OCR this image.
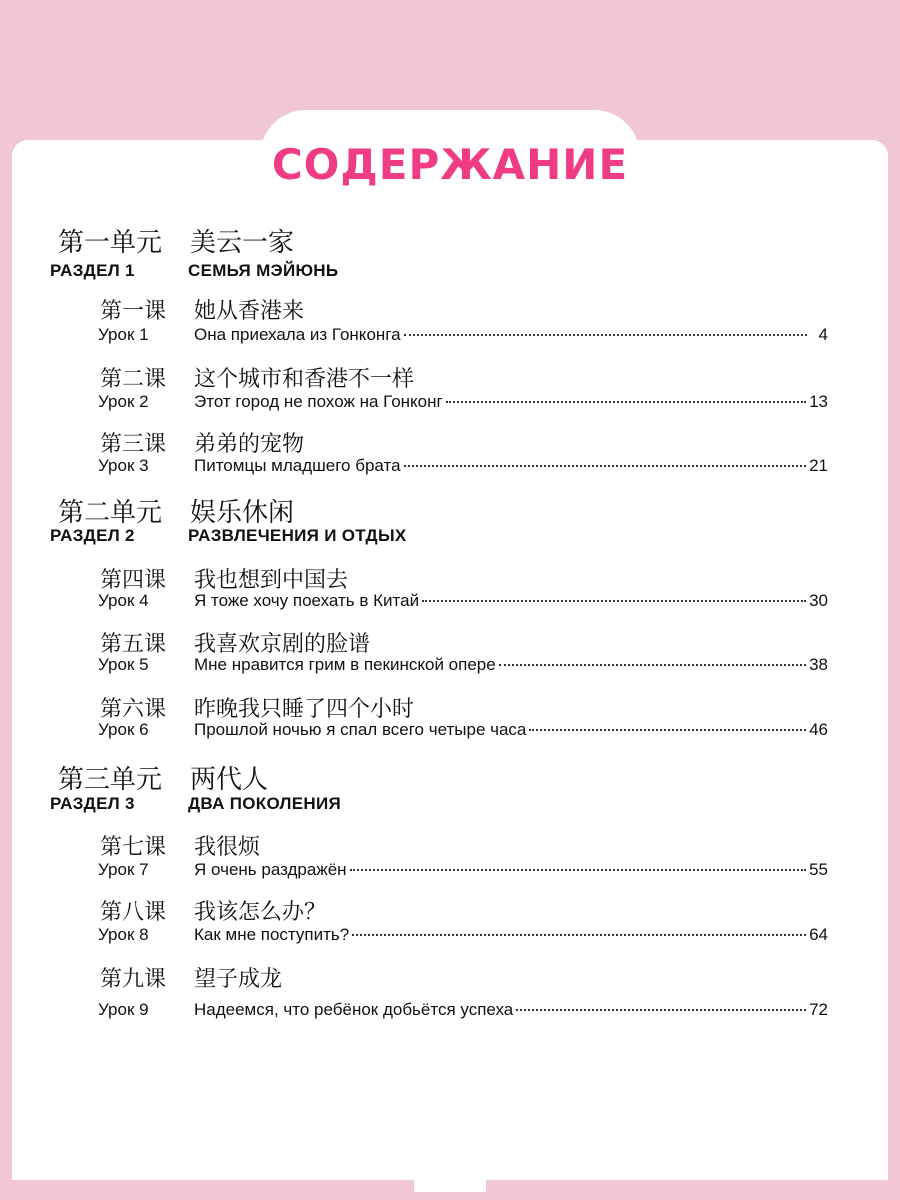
СОДЕРЖАНИЕ
第一单元 美云一家
РАЗДЕЛ 1	СЕМЬЯ МЭЙЮНЬ
第一课 她从香港来
Урок 1	Она приехала из Гонконга	4
第二课 这个城市和香港不一样
Урок 2	Этот город не похож на Гонконг	13
第三课 弟弟的宠物
Урок 3	Питомцы младшего брата	21
第二单元 娱乐休闲
РАЗДЕЛ 2	РАЗВЛЕЧЕНИЯ И ОТДЫХ
第四课 我也想到中国去
Урок 4	Я тоже хочу поехать в Китай	30
第五课 我喜欢京剧的脸谱
Урок 5	Мне нравится грим в пекинской опере	38
第六课 昨晚我只睡了四个小时
Урок 6	Прошлой ночью я спал всего четыре часа	46
第三单元 两代人
РАЗДЕЛ 3	ДВА ПОКОЛЕНИЯ
第七课 我很烦
Урок 7	Я очень раздражён	55
第八课 我该怎么办？
Урок 8	Как мне поступить?	64
第九课 望子成龙
Урок 9	Надеемся, что ребёнок добьётся успеха	72
